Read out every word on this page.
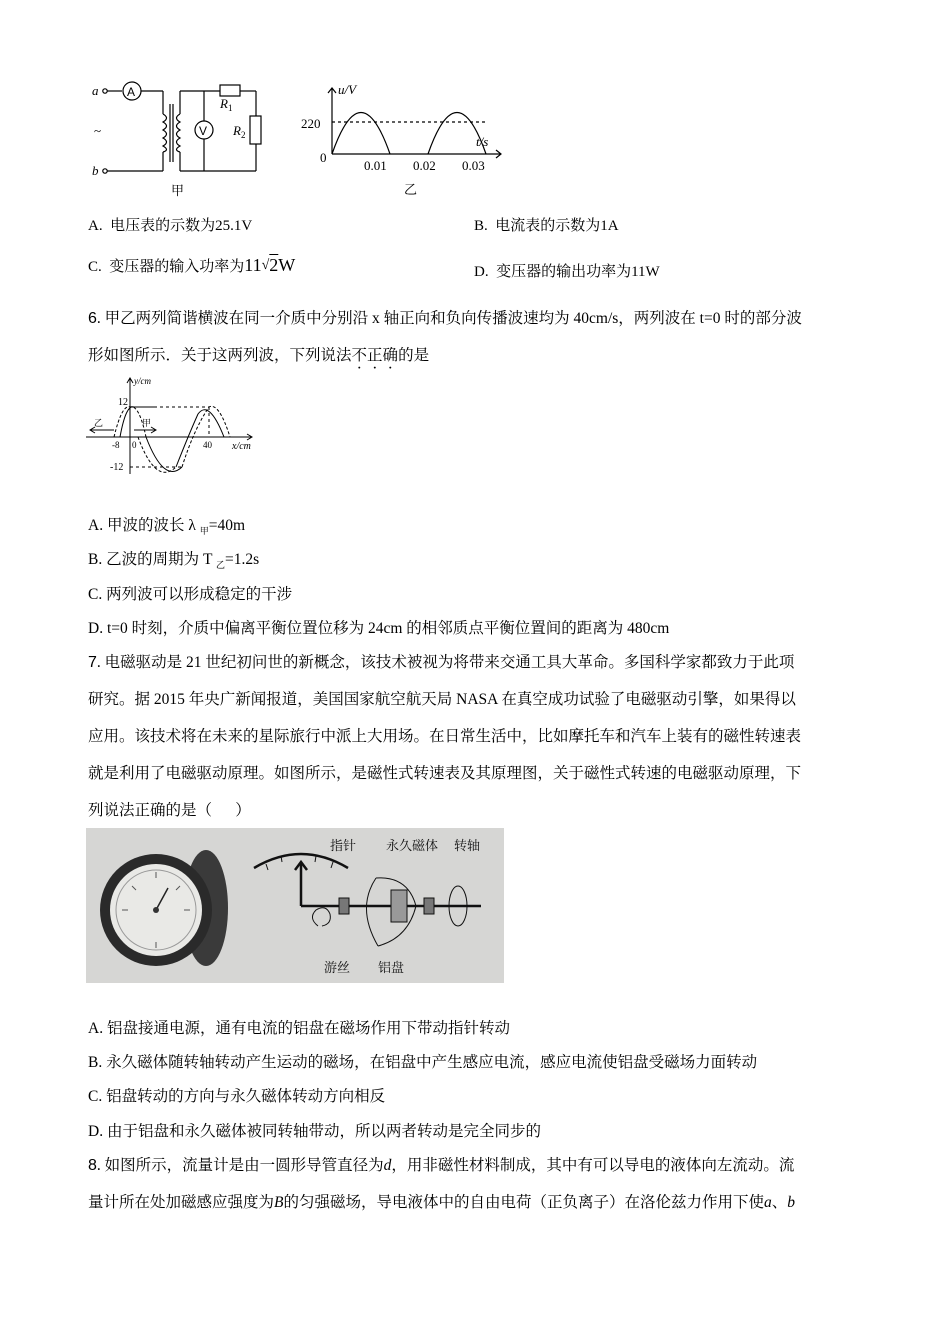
a
b
A
V
~
$R_1$
$R_2$
甲
u/V
t/s
220
0
0.01 0.02 0.03
乙
A.  电压表的示数为25.1V	B.  电流表的示数为1A
C.  变压器的输入功率为11√2W	D.  变压器的输出功率为11W
6. 甲乙两列简谐横波在同一介质中分别沿 x 轴正向和负向传播波速均为 40cm/s，两列波在 t=0 时的部分波
形如图所示．关于这两列波，下列说法不正确的是
y/cm
x/cm
12
-12
-8 0	40
甲
乙
A. 甲波的波长 λ $_甲$=40m
B. 乙波的周期为 T $_乙$=1.2s
C. 两列波可以形成稳定的干涉
D. t=0 时刻，介质中偏离平衡位置位移为 24cm 的相邻质点平衡位置间的距离为 480cm
7. 电磁驱动是 21 世纪初问世的新概念，该技术被视为将带来交通工具大革命。多国科学家都致力于此项
研究。据 2015 年央广新闻报道，美国国家航空航天局 NASA 在真空成功试验了电磁驱动引擎，如果得以
应用。该技术将在未来的星际旅行中派上大用场。在日常生活中，比如摩托车和汽车上装有的磁性转速表
就是利用了电磁驱动原理。如图所示，是磁性式转速表及其原理图，关于磁性式转速的电磁驱动原理，下
列说法正确的是（      ）
指针 永久磁体 转轴
游丝 铝盘
A. 铝盘接通电源，通有电流的铝盘在磁场作用下带动指针转动
B. 永久磁体随转轴转动产生运动的磁场，在铝盘中产生感应电流，感应电流使铝盘受磁场力面转动
C. 铝盘转动的方向与永久磁体转动方向相反
D. 由于铝盘和永久磁体被同转轴带动，所以两者转动是完全同步的
8. 如图所示，流量计是由一圆形导管直径为d，用非磁性材料制成，其中有可以导电的液体向左流动。流
量计所在处加磁感应强度为B的匀强磁场，导电液体中的自由电荷（正负离子）在洛伦兹力作用下使a、b
